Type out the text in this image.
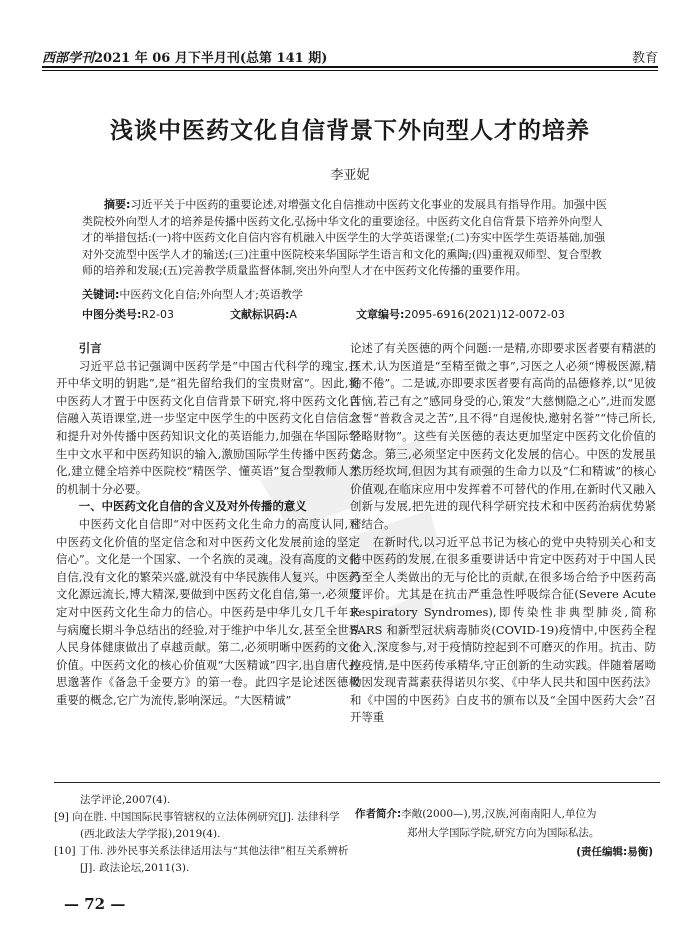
西部学刊2021 年 06 月下半月刊(总第 141 期)	教育
浅谈中医药文化自信背景下外向型人才的培养
李亚妮

摘要:习近平关于中医药的重要论述,对增强文化自信推动中医药文化事业的发展具有指导作用。加强中医类院校外向型人才的培养是传播中医药文化,弘扬中华文化的重要途径。中医药文化自信背景下培养外向型人才的举措包括:(一)将中医药文化自信内容有机融入中医学生的大学英语课堂;(二)夯实中医学生英语基础,加强对外交流型中医学人才的输送;(三)注重中医院校来华国际学生语言和文化的熏陶;(四)重视双师型、复合型教师的培养和发展;(五)完善教学质量监督体制,突出外向型人才在中医药文化传播的重要作用。

关键词:中医药文化自信;外向型人才;英语教学
中图分类号:R2-03	文献标识码:A	文章编号:2095-6916(2021)12-0072-03
引言

习近平总书记强调中医药学是“中国古代科学的瑰宝,打开中华文明的钥匙”,是“祖先留给我们的宝贵财富”。因此,将中医药人才置于中医药文化自信背景下研究,将中医药文化自信融入英语课堂,进一步坚定中医学生的中医药文化自信信念和提升对外传播中医药知识文化的英语能力,加强在华国际学生中文水平和中医药知识的输入,激励国际学生传播中医药文化,建立健全培养中医院校“精医学、懂英语”复合型教师人才的机制十分必要。

一、中医药文化自信的含义及对外传播的意义

中医药文化自信即“对中医药文化生命力的高度认同,对中医药文化价值的坚定信念和对中医药文化发展前途的坚定信心”。文化是一个国家、一个名族的灵魂。没有高度的文化自信,没有文化的繁荣兴盛,就没有中华民族伟人复兴。中医药文化源远流长,博大精深,要做到中医药文化自信,第一,必须坚定对中医药文化生命力的信心。中医药是中华儿女几千年来与病魔长期斗争总结出的经验,对于维护中华儿女,甚至全世界人民身体健康做出了卓越贡献。第二,必须明晰中医药的文化价值。中医药文化的核心价值观“大医精诚”四字,出自唐代孙思邈著作《备急千金要方》的第一卷。此四字是论述医德极重要的概念,它广为流传,影响深远。“大医精诚”

论述了有关医德的两个问题:一是精,亦即要求医者要有精湛的医术,认为医道是“至精至微之事”,习医之人必须“博极医源,精勤不倦”。二是诚,亦即要求医者要有高尚的品德修养,以“见彼苦恼,若己有之”感同身受的心,策发“大慈恻隐之心”,进而发愿立誓“普救含灵之苦”,且不得“自逞俊快,邀射名誉”“恃己所长,经略财物”。这些有关医德的表达更加坚定中医药文化价值的信念。第三,必须坚定中医药文化发展的信心。中医的发展虽然历经坎坷,但因为其有顽强的生命力以及“仁和精诚”的核心价值观,在临床应用中发挥着不可替代的作用,在新时代又融入创新与发展,把先进的现代科学研究技术和中医药治病优势紧密结合。

在新时代,以习近平总书记为核心的党中央特别关心和支持中医药的发展,在很多重要讲话中肯定中医药对于中国人民乃至全人类做出的无与伦比的贡献,在很多场合给予中医药高度评价。尤其是在抗击严重急性呼吸综合征(Severe Acute Respiratory Syndromes),即传染性非典型肺炎,简称 SARS 和新型冠状病毒肺炎(COVID-19)疫情中,中医药全程介入,深度参与,对于疫情防控起到不可磨灭的作用。抗击、防控疫情,是中医药传承精华,守正创新的生动实践。伴随着屠呦呦因发现青蒿素获得诺贝尔奖、《中华人民共和国中医药法》和《中国的中医药》白皮书的颁布以及“全国中医药大会”召开等重

法学评论,2007(4).

[9] 向在胜. 中国国际民事管辖权的立法体例研究[J]. 法律科学(西北政法大学学报),2019(4).

[10] 丁伟. 涉外民事关系法律适用法与“其他法律”相互关系辨析[J]. 政法论坛,2011(3).

作者简介:李敞(2000—),男,汉族,河南南阳人,单位为
郑州大学国际学院,研究方向为国际私法。
(责任编辑:易衡)
— 72 —
